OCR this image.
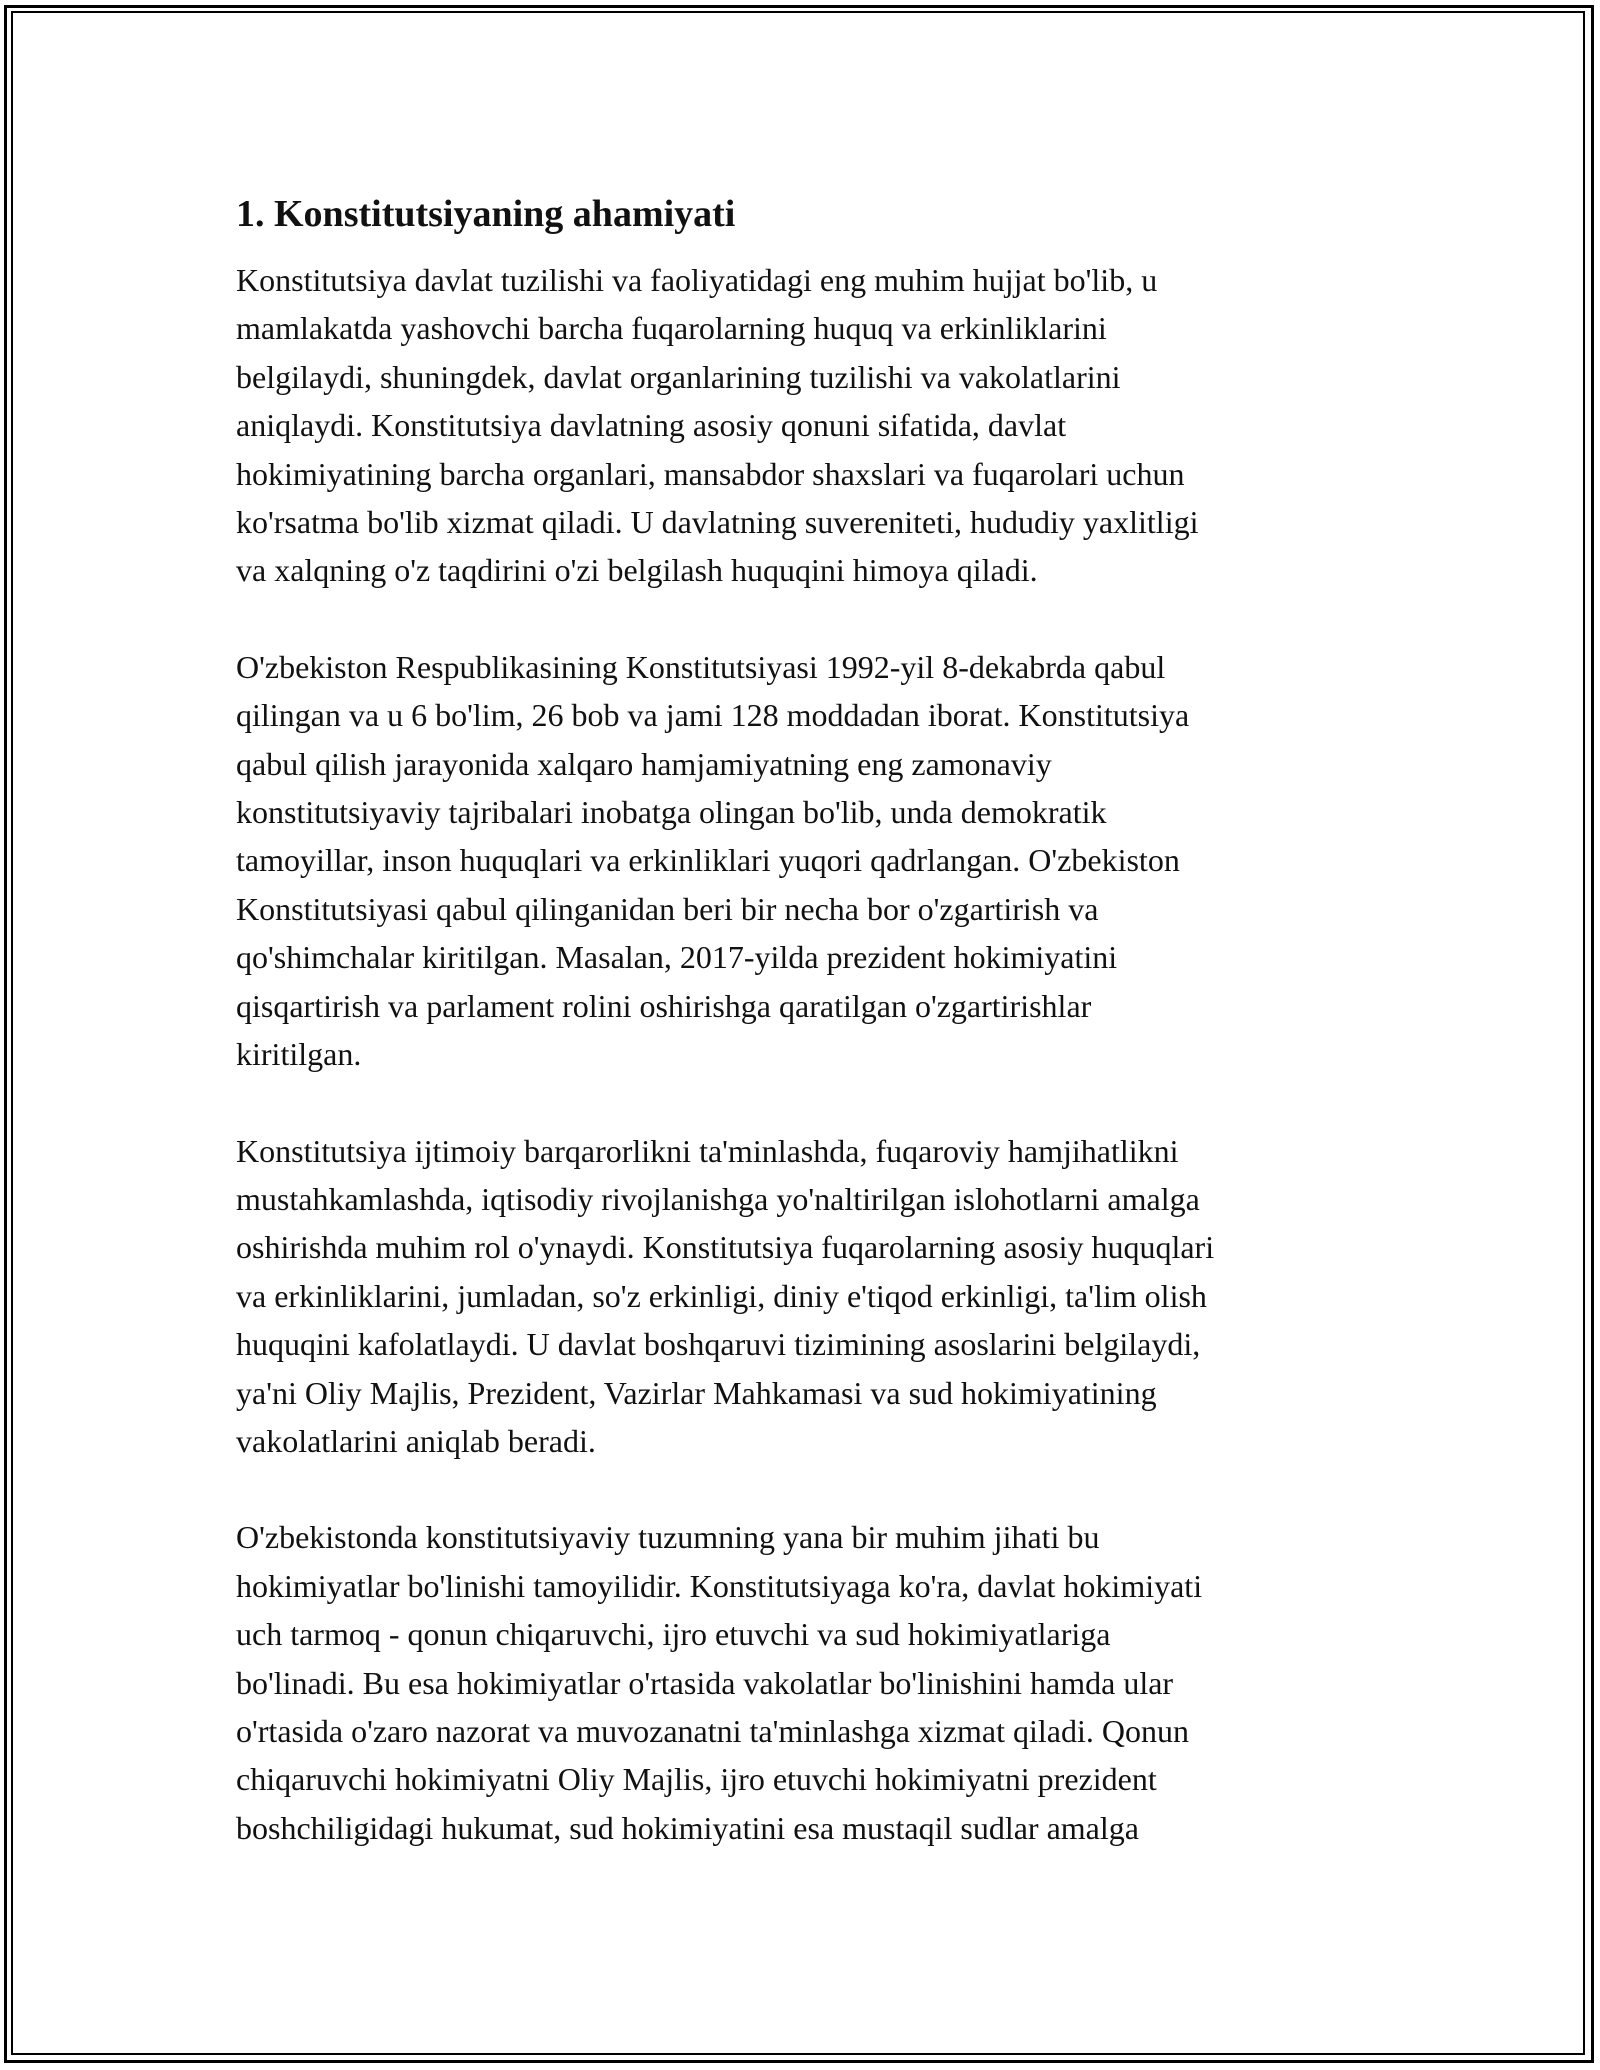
1. Konstitutsiyaning ahamiyati

Konstitutsiya davlat tuzilishi va faoliyatidagi eng muhim hujjat bo'lib, u
mamlakatda yashovchi barcha fuqarolarning huquq va erkinliklarini
belgilaydi, shuningdek, davlat organlarining tuzilishi va vakolatlarini
aniqlaydi. Konstitutsiya davlatning asosiy qonuni sifatida, davlat
hokimiyatining barcha organlari, mansabdor shaxslari va fuqarolari uchun
ko'rsatma bo'lib xizmat qiladi. U davlatning suvereniteti, hududiy yaxlitligi
va xalqning o'z taqdirini o'zi belgilash huquqini himoya qiladi.

O'zbekiston Respublikasining Konstitutsiyasi 1992-yil 8-dekabrda qabul
qilingan va u 6 bo'lim, 26 bob va jami 128 moddadan iborat. Konstitutsiya
qabul qilish jarayonida xalqaro hamjamiyatning eng zamonaviy
konstitutsiyaviy tajribalari inobatga olingan bo'lib, unda demokratik
tamoyillar, inson huquqlari va erkinliklari yuqori qadrlangan. O'zbekiston
Konstitutsiyasi qabul qilinganidan beri bir necha bor o'zgartirish va
qo'shimchalar kiritilgan. Masalan, 2017-yilda prezident hokimiyatini
qisqartirish va parlament rolini oshirishga qaratilgan o'zgartirishlar
kiritilgan.

Konstitutsiya ijtimoiy barqarorlikni ta'minlashda, fuqaroviy hamjihatlikni
mustahkamlashda, iqtisodiy rivojlanishga yo'naltirilgan islohotlarni amalga
oshirishda muhim rol o'ynaydi. Konstitutsiya fuqarolarning asosiy huquqlari
va erkinliklarini, jumladan, so'z erkinligi, diniy e'tiqod erkinligi, ta'lim olish
huquqini kafolatlaydi. U davlat boshqaruvi tizimining asoslarini belgilaydi,
ya'ni Oliy Majlis, Prezident, Vazirlar Mahkamasi va sud hokimiyatining
vakolatlarini aniqlab beradi.

O'zbekistonda konstitutsiyaviy tuzumning yana bir muhim jihati bu
hokimiyatlar bo'linishi tamoyilidir. Konstitutsiyaga ko'ra, davlat hokimiyati
uch tarmoq - qonun chiqaruvchi, ijro etuvchi va sud hokimiyatlariga
bo'linadi. Bu esa hokimiyatlar o'rtasida vakolatlar bo'linishini hamda ular
o'rtasida o'zaro nazorat va muvozanatni ta'minlashga xizmat qiladi. Qonun
chiqaruvchi hokimiyatni Oliy Majlis, ijro etuvchi hokimiyatni prezident
boshchiligidagi hukumat, sud hokimiyatini esa mustaqil sudlar amalga
